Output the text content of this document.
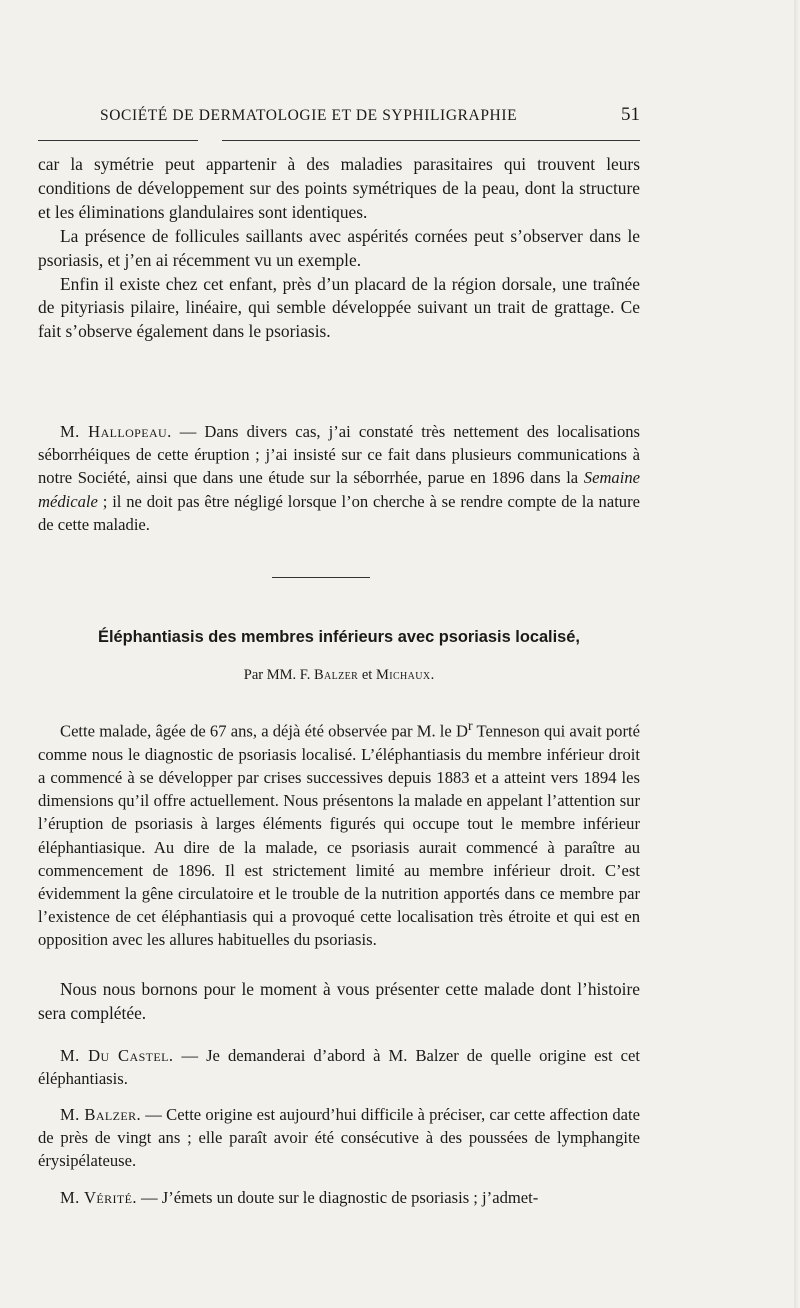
SOCIÉTÉ DE DERMATOLOGIE ET DE SYPHILIGRAPHIE	51

car la symétrie peut appartenir à des maladies parasitaires qui trouvent leurs conditions de développement sur des points symétriques de la peau, dont la structure et les éliminations glandulaires sont identiques.

La présence de follicules saillants avec aspérités cornées peut s’observer dans le psoriasis, et j’en ai récemment vu un exemple.

Enfin il existe chez cet enfant, près d’un placard de la région dorsale, une traînée de pityriasis pilaire, linéaire, qui semble développée suivant un trait de grattage. Ce fait s’observe également dans le psoriasis.

M. Hallopeau. — Dans divers cas, j’ai constaté très nettement des localisations séborrhéiques de cette éruption ; j’ai insisté sur ce fait dans plusieurs communications à notre Société, ainsi que dans une étude sur la séborrhée, parue en 1896 dans la Semaine médicale ; il ne doit pas être négligé lorsque l’on cherche à se rendre compte de la nature de cette maladie.

Éléphantiasis des membres inférieurs avec psoriasis localisé,
Par MM. F. Balzer et Michaux.

Cette malade, âgée de 67 ans, a déjà été observée par M. le $D^r$ Tenneson qui avait porté comme nous le diagnostic de psoriasis localisé. L’éléphantiasis du membre inférieur droit a commencé à se développer par crises successives depuis 1883 et a atteint vers 1894 les dimensions qu’il offre actuellement. Nous présentons la malade en appelant l’attention sur l’éruption de psoriasis à larges éléments figurés qui occupe tout le membre inférieur éléphantiasique. Au dire de la malade, ce psoriasis aurait commencé à paraître au commencement de 1896. Il est strictement limité au membre inférieur droit. C’est évidemment la gêne circulatoire et le trouble de la nutrition apportés dans ce membre par l’existence de cet éléphantiasis qui a provoqué cette localisation très étroite et qui est en opposition avec les allures habituelles du psoriasis.

Nous nous bornons pour le moment à vous présenter cette malade dont l’histoire sera complétée.

M. Du Castel. — Je demanderai d’abord à M. Balzer de quelle origine est cet éléphantiasis.

M. Balzer. — Cette origine est aujourd’hui difficile à préciser, car cette affection date de près de vingt ans ; elle paraît avoir été consécutive à des poussées de lymphangite érysipélateuse.

M. Vérité. — J’émets un doute sur le diagnostic de psoriasis ; j’admet-
